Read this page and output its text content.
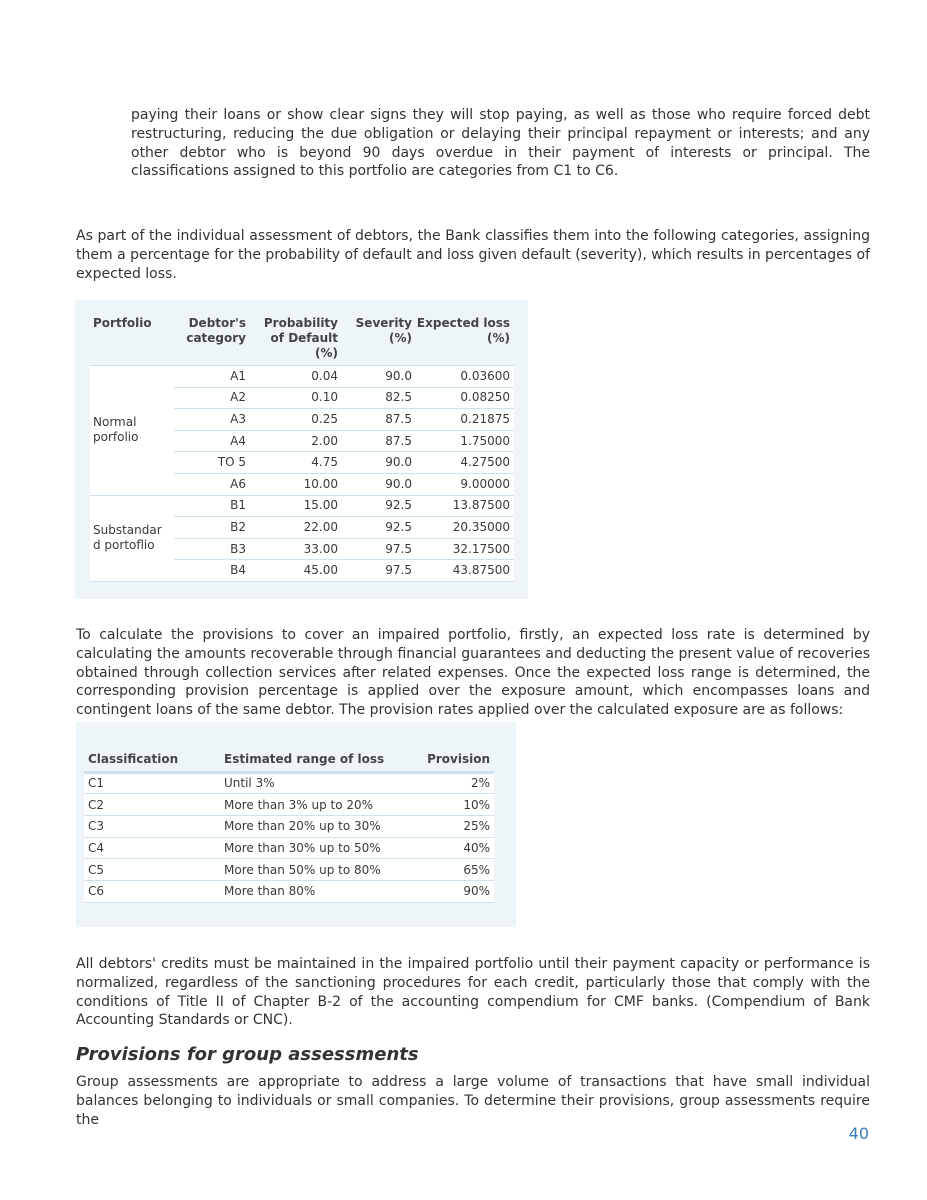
paying their loans or show clear signs they will stop paying, as well as those who require forced debt restructuring, reducing the due obligation or delaying their principal repayment or interests; and any other debtor who is beyond 90 days overdue in their payment of interests or principal. The classifications assigned to this portfolio are categories from C1 to C6.

As part of the individual assessment of debtors, the Bank classifies them into the following categories, assigning them a percentage for the probability of default and loss given default (severity), which results in percentages of expected loss.

Portfolio	Debtor's category	Probability of Default (%)	Severity (%)	Expected loss (%)
Normal porfolio	A1	0.04	90.0	0.03600
	A2	0.10	82.5	0.08250
	A3	0.25	87.5	0.21875
	A4	2.00	87.5	1.75000
	TO 5	4.75	90.0	4.27500
	A6	10.00	90.0	9.00000
Substandar d portoflio	B1	15.00	92.5	13.87500
	B2	22.00	92.5	20.35000
	B3	33.00	97.5	32.17500
	B4	45.00	97.5	43.87500

To calculate the provisions to cover an impaired portfolio, firstly, an expected loss rate is determined by calculating the amounts recoverable through financial guarantees and deducting the present value of recoveries obtained through collection services after related expenses. Once the expected loss range is determined, the corresponding provision percentage is applied over the exposure amount, which encompasses loans and contingent loans of the same debtor. The provision rates applied over the calculated exposure are as follows:

Classification	Estimated range of loss	Provision
C1	Until 3%	2%
C2	More than 3% up to 20%	10%
C3	More than 20% up to 30%	25%
C4	More than 30% up to 50%	40%
C5	More than 50% up to 80%	65%
C6	More than 80%	90%

All debtors' credits must be maintained in the impaired portfolio until their payment capacity or performance is normalized, regardless of the sanctioning procedures for each credit, particularly those that comply with the conditions of Title II of Chapter B-2 of the accounting compendium for CMF banks. (Compendium of Bank Accounting Standards or CNC).

Provisions for group assessments

Group assessments are appropriate to address a large volume of transactions that have small individual balances belonging to individuals or small companies. To determine their provisions, group assessments require the

40
